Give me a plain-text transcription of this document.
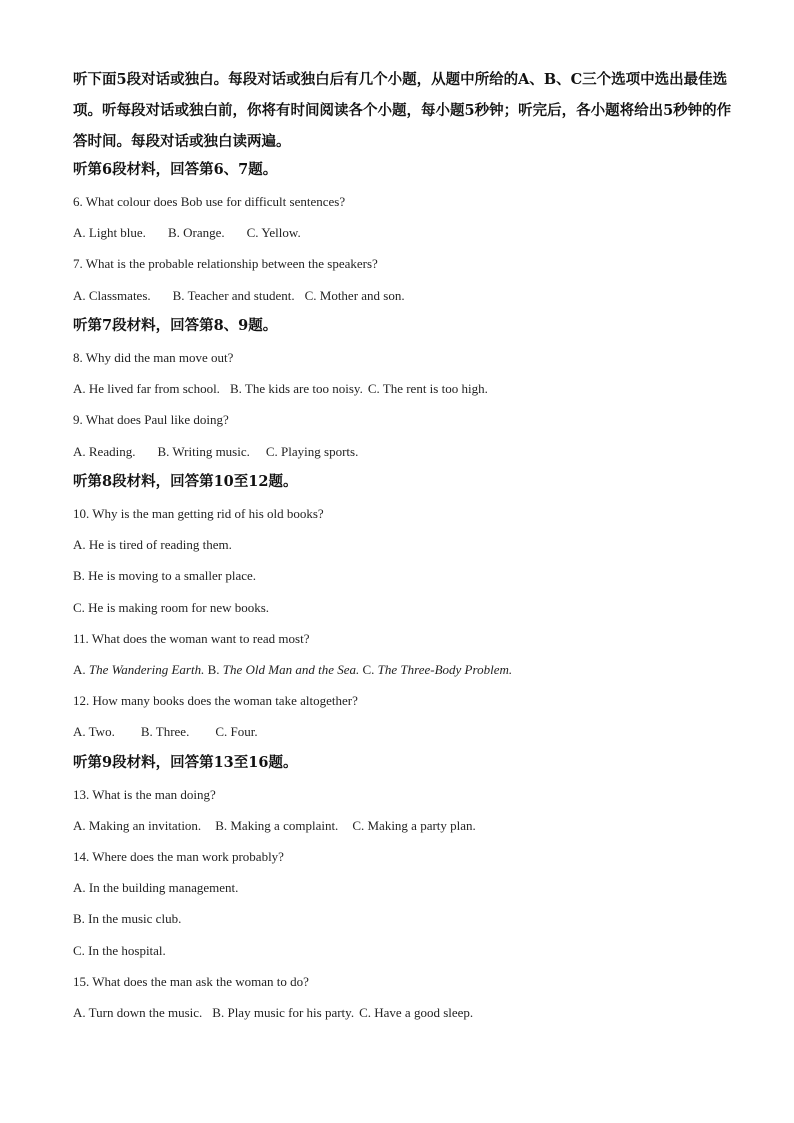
听下面5段对话或独白。每段对话或独白后有几个小题，从题中所给的A、B、C三个选项中选出最佳选项。听每段对话或独白前，你将有时间阅读各个小题，每小题5秒钟；听完后，各小题将给出5秒钟的作答时间。每段对话或独白读两遍。
听第6段材料，回答第6、7题。
6. What colour does Bob use for difficult sentences?
A. Light blue. B. Orange. C. Yellow.
7. What is the probable relationship between the speakers?
A. Classmates. B. Teacher and student. C. Mother and son.
听第7段材料，回答第8、9题。
8. Why did the man move out?
A. He lived far from school. B. The kids are too noisy. C. The rent is too high.
9. What does Paul like doing?
A. Reading. B. Writing music. C. Playing sports.
听第8段材料，回答第10至12题。
10. Why is the man getting rid of his old books?
A. He is tired of reading them.
B. He is moving to a smaller place.
C. He is making room for new books.
11. What does the woman want to read most?
A. The Wandering Earth. B. The Old Man and the Sea. C. The Three-Body Problem.
12. How many books does the woman take altogether?
A. Two. B. Three. C. Four.
听第9段材料，回答第13至16题。
13. What is the man doing?
A. Making an invitation. B. Making a complaint. C. Making a party plan.
14. Where does the man work probably?
A. In the building management.
B. In the music club.
C. In the hospital.
15. What does the man ask the woman to do?
A. Turn down the music. B. Play music for his party. C. Have a good sleep.
